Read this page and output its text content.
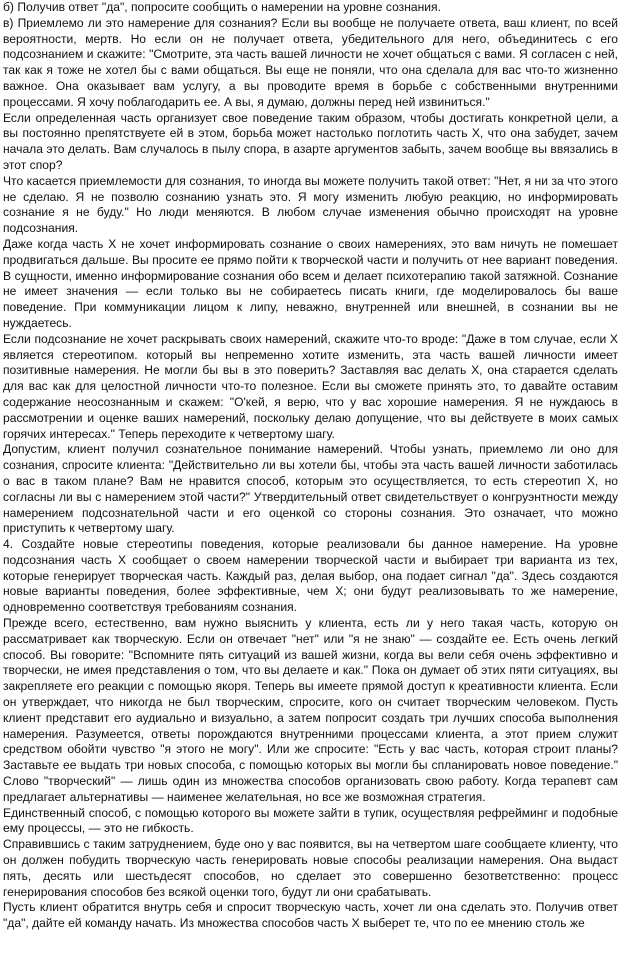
б) Получив ответ "да", попросите сообщить о намерении на уровне сознания.

в) Приемлемо ли это намерение для сознания? Если вы вообще не получаете ответа, ваш клиент, по всей вероятности, мертв. Но если он не получает ответа, убедительного для него, объединитесь с его подсознанием и скажите: "Смотрите, эта часть вашей личности не хочет общаться с вами. Я согласен с ней, так как я тоже не хотел бы с вами общаться. Вы еще не поняли, что она сделала для вас что-то жизненно важное. Она оказывает вам услугу, а вы проводите время в борьбе с собственными внутренними процессами. Я хочу поблагодарить ее. А вы, я думаю, должны перед ней извиниться."

Если определенная часть организует свое поведение таким образом, чтобы достигать конкретной цели, а вы постоянно препятствуете ей в этом, борьба может настолько поглотить часть X, что она забудет, зачем начала это делать. Вам случалось в пылу спора, в азарте аргументов забыть, зачем вообще вы ввязались в этот спор?

Что касается приемлемости для сознания, то иногда вы можете получить такой ответ: "Нет, я ни за что этого не сделаю. Я не позволю сознанию узнать это. Я могу изменить любую реакцию, но информировать сознание я не буду." Но люди меняются. В любом случае изменения обычно происходят на уровне подсознания.

Даже когда часть X не хочет информировать сознание о своих намерениях, это вам ничуть не помешает продвигаться дальше. Вы просите ее прямо пойти к творческой части и получить от нее вариант поведения. В сущности, именно информирование сознания обо всем и делает психотерапию такой затяжной. Сознание не имеет значения — если только вы не собираетесь писать книги, где моделировалось бы ваше поведение. При коммуникации лицом к липу, неважно, внутренней или внешней, в сознании вы не нуждаетесь.

Если подсознание не хочет раскрывать своих намерений, скажите что-то вроде: "Даже в том случае, если X является стереотипом. который вы непременно хотите изменить, эта часть вашей личности имеет позитивные намерения. Не могли бы вы в это поверить? Заставляя вас делать X, она старается сделать для вас как для целостной личности что-то полезное. Если вы сможете принять это, то давайте оставим содержание неосознанным и скажем: "О'кей, я верю, что у вас хорошие намерения. Я не нуждаюсь в рассмотрении и оценке ваших намерений, поскольку делаю допущение, что вы действуете в моих самых горячих интересах." Теперь переходите к четвертому шагу.

Допустим, клиент получил сознательное понимание намерений. Чтобы узнать, приемлемо ли оно для сознания, спросите клиента: "Действительно ли вы хотели бы, чтобы эта часть вашей личности заботилась о вас в таком плане? Вам не нравится способ, которым это осуществляется, то есть стереотип X, но согласны ли вы с намерением этой части?" Утвердительный ответ свидетельствует о конгруэнтности между намерением подсознательной части и его оценкой со стороны сознания. Это означает, что можно приступить к четвертому шагу.

4. Создайте новые стереотипы поведения, которые реализовали бы данное намерение. На уровне подсознания часть X сообщает о своем намерении творческой части и выбирает три варианта из тех, которые генерирует творческая часть. Каждый раз, делая выбор, она подает сигнал "да". Здесь создаются новые варианты поведения, более эффективные, чем X; они будут реализовывать то же намерение, одновременно соответствуя требованиям сознания.

Прежде всего, естественно, вам нужно выяснить у клиента, есть ли у него такая часть, которую он рассматривает как творческую. Если он отвечает "нет" или "я не знаю" — создайте ее. Есть очень легкий способ. Вы говорите: "Вспомните пять ситуаций из вашей жизни, когда вы вели себя очень эффективно и творчески, не имея представления о том, что вы делаете и как." Пока он думает об этих пяти ситуациях, вы закрепляете его реакции с помощью якоря. Теперь вы имеете прямой доступ к креативности клиента. Если он утверждает, что никогда не был творческим, спросите, кого он считает творческим человеком. Пусть клиент представит его аудиально и визуально, а затем попросит создать три лучших способа выполнения намерения. Разумеется, ответы порождаются внутренними процессами клиента, а этот прием служит средством обойти чувство "я этого не могу". Или же спросите: "Есть у вас часть, которая строит планы? Заставьте ее выдать три новых способа, с помощью которых вы могли бы спланировать новое поведение." Слово "творческий" — лишь один из множества способов организовать свою работу. Когда терапевт сам предлагает альтернативы — наименее желательная, но все же возможная стратегия.

Единственный способ, с помощью которого вы можете зайти в тупик, осуществляя рефрейминг и подобные ему процессы, — это не гибкость.

Справившись с таким затруднением, буде оно у вас появится, вы на четвертом шаге сообщаете клиенту, что он должен побудить творческую часть генерировать новые способы реализации намерения. Она выдаст пять, десять или шестьдесят способов, но сделает это совершенно безответственно: процесс генерирования способов без всякой оценки того, будут ли они срабатывать.

Пусть клиент обратится внутрь себя и спросит творческую часть, хочет ли она сделать это. Получив ответ "да", дайте ей команду начать. Из множества способов часть X выберет те, что по ее мнению столь же
